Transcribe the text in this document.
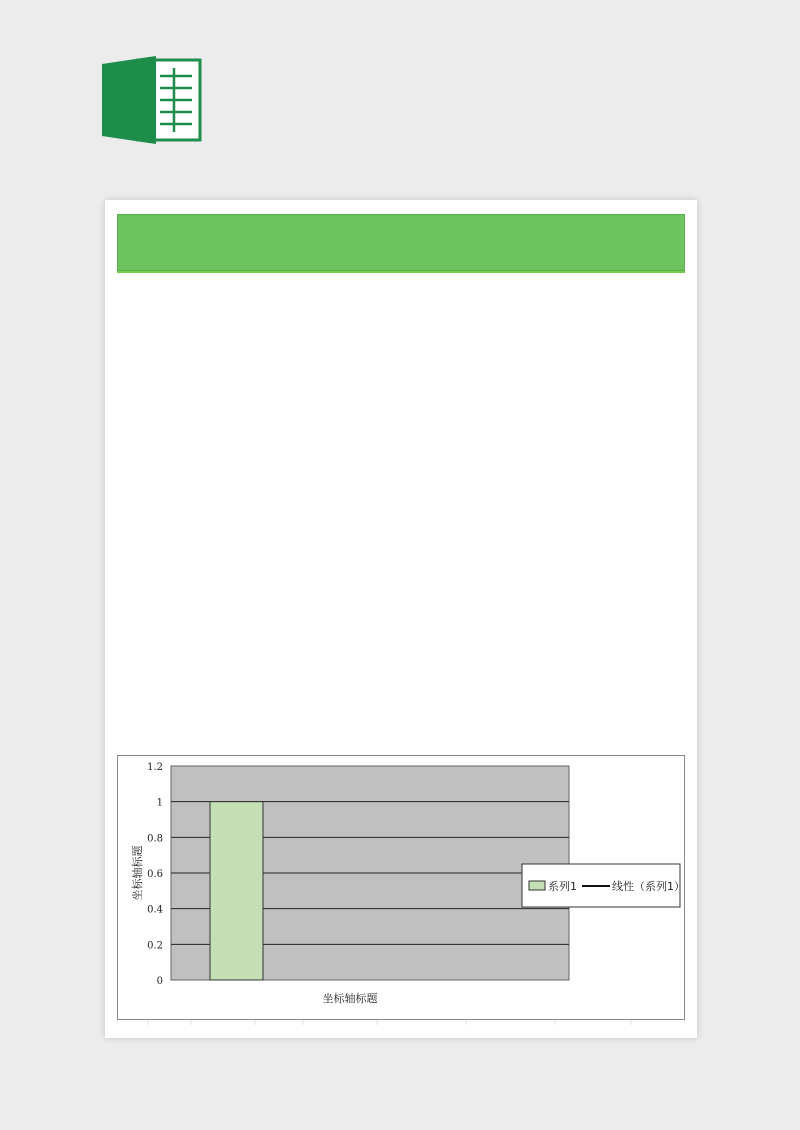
0
0.2
0.4
0.6
0.8
1
1.2
坐标轴标题
坐标轴标题	系列1	线性（系列1）
